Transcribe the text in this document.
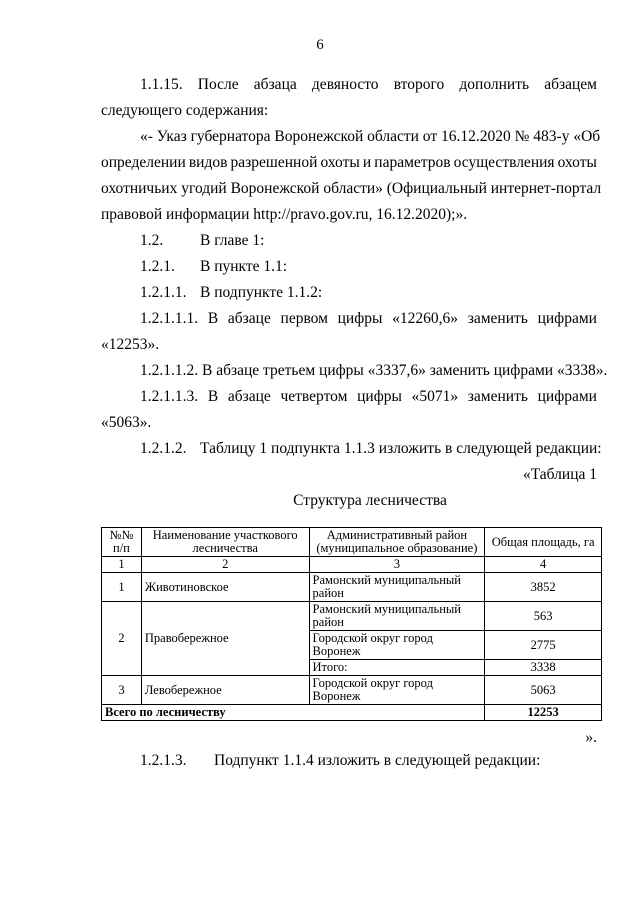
6
1.1.15. После абзаца девяносто второго дополнить абзацем
следующего содержания:
«- Указ губернатора Воронежской области от 16.12.2020 № 483-у «Об
определении видов разрешенной охоты и параметров осуществления охоты
охотничьих угодий Воронежской области» (Официальный интернет-портал
правовой информации http://pravo.gov.ru, 16.12.2020);».
1.2. В главе 1:
1.2.1. В пункте 1.1:
1.2.1.1. В подпункте 1.1.2:
1.2.1.1.1. В абзаце первом цифры «12260,6» заменить цифрами
«12253».
1.2.1.1.2. В абзаце третьем цифры «3337,6» заменить цифрами «3338».
1.2.1.1.3. В абзаце четвертом цифры «5071» заменить цифрами
«5063».
1.2.1.2. Таблицу 1 подпункта 1.1.3 изложить в следующей редакции:
«Таблица 1
Структура лесничества
№№ п/п	Наименование участкового лесничества	Административный район (муниципальное образование)	Общая площадь, га
1	2	3	4
1	Животиновское	Рамонский муниципальный район	3852
2	Правобережное	Рамонский муниципальный район	563
		Городской округ город Воронеж	2775
		Итого:	3338
3	Левобережное	Городской округ город Воронеж	5063
Всего по лесничеству			12253
».
1.2.1.3. Подпункт 1.1.4 изложить в следующей редакции:
